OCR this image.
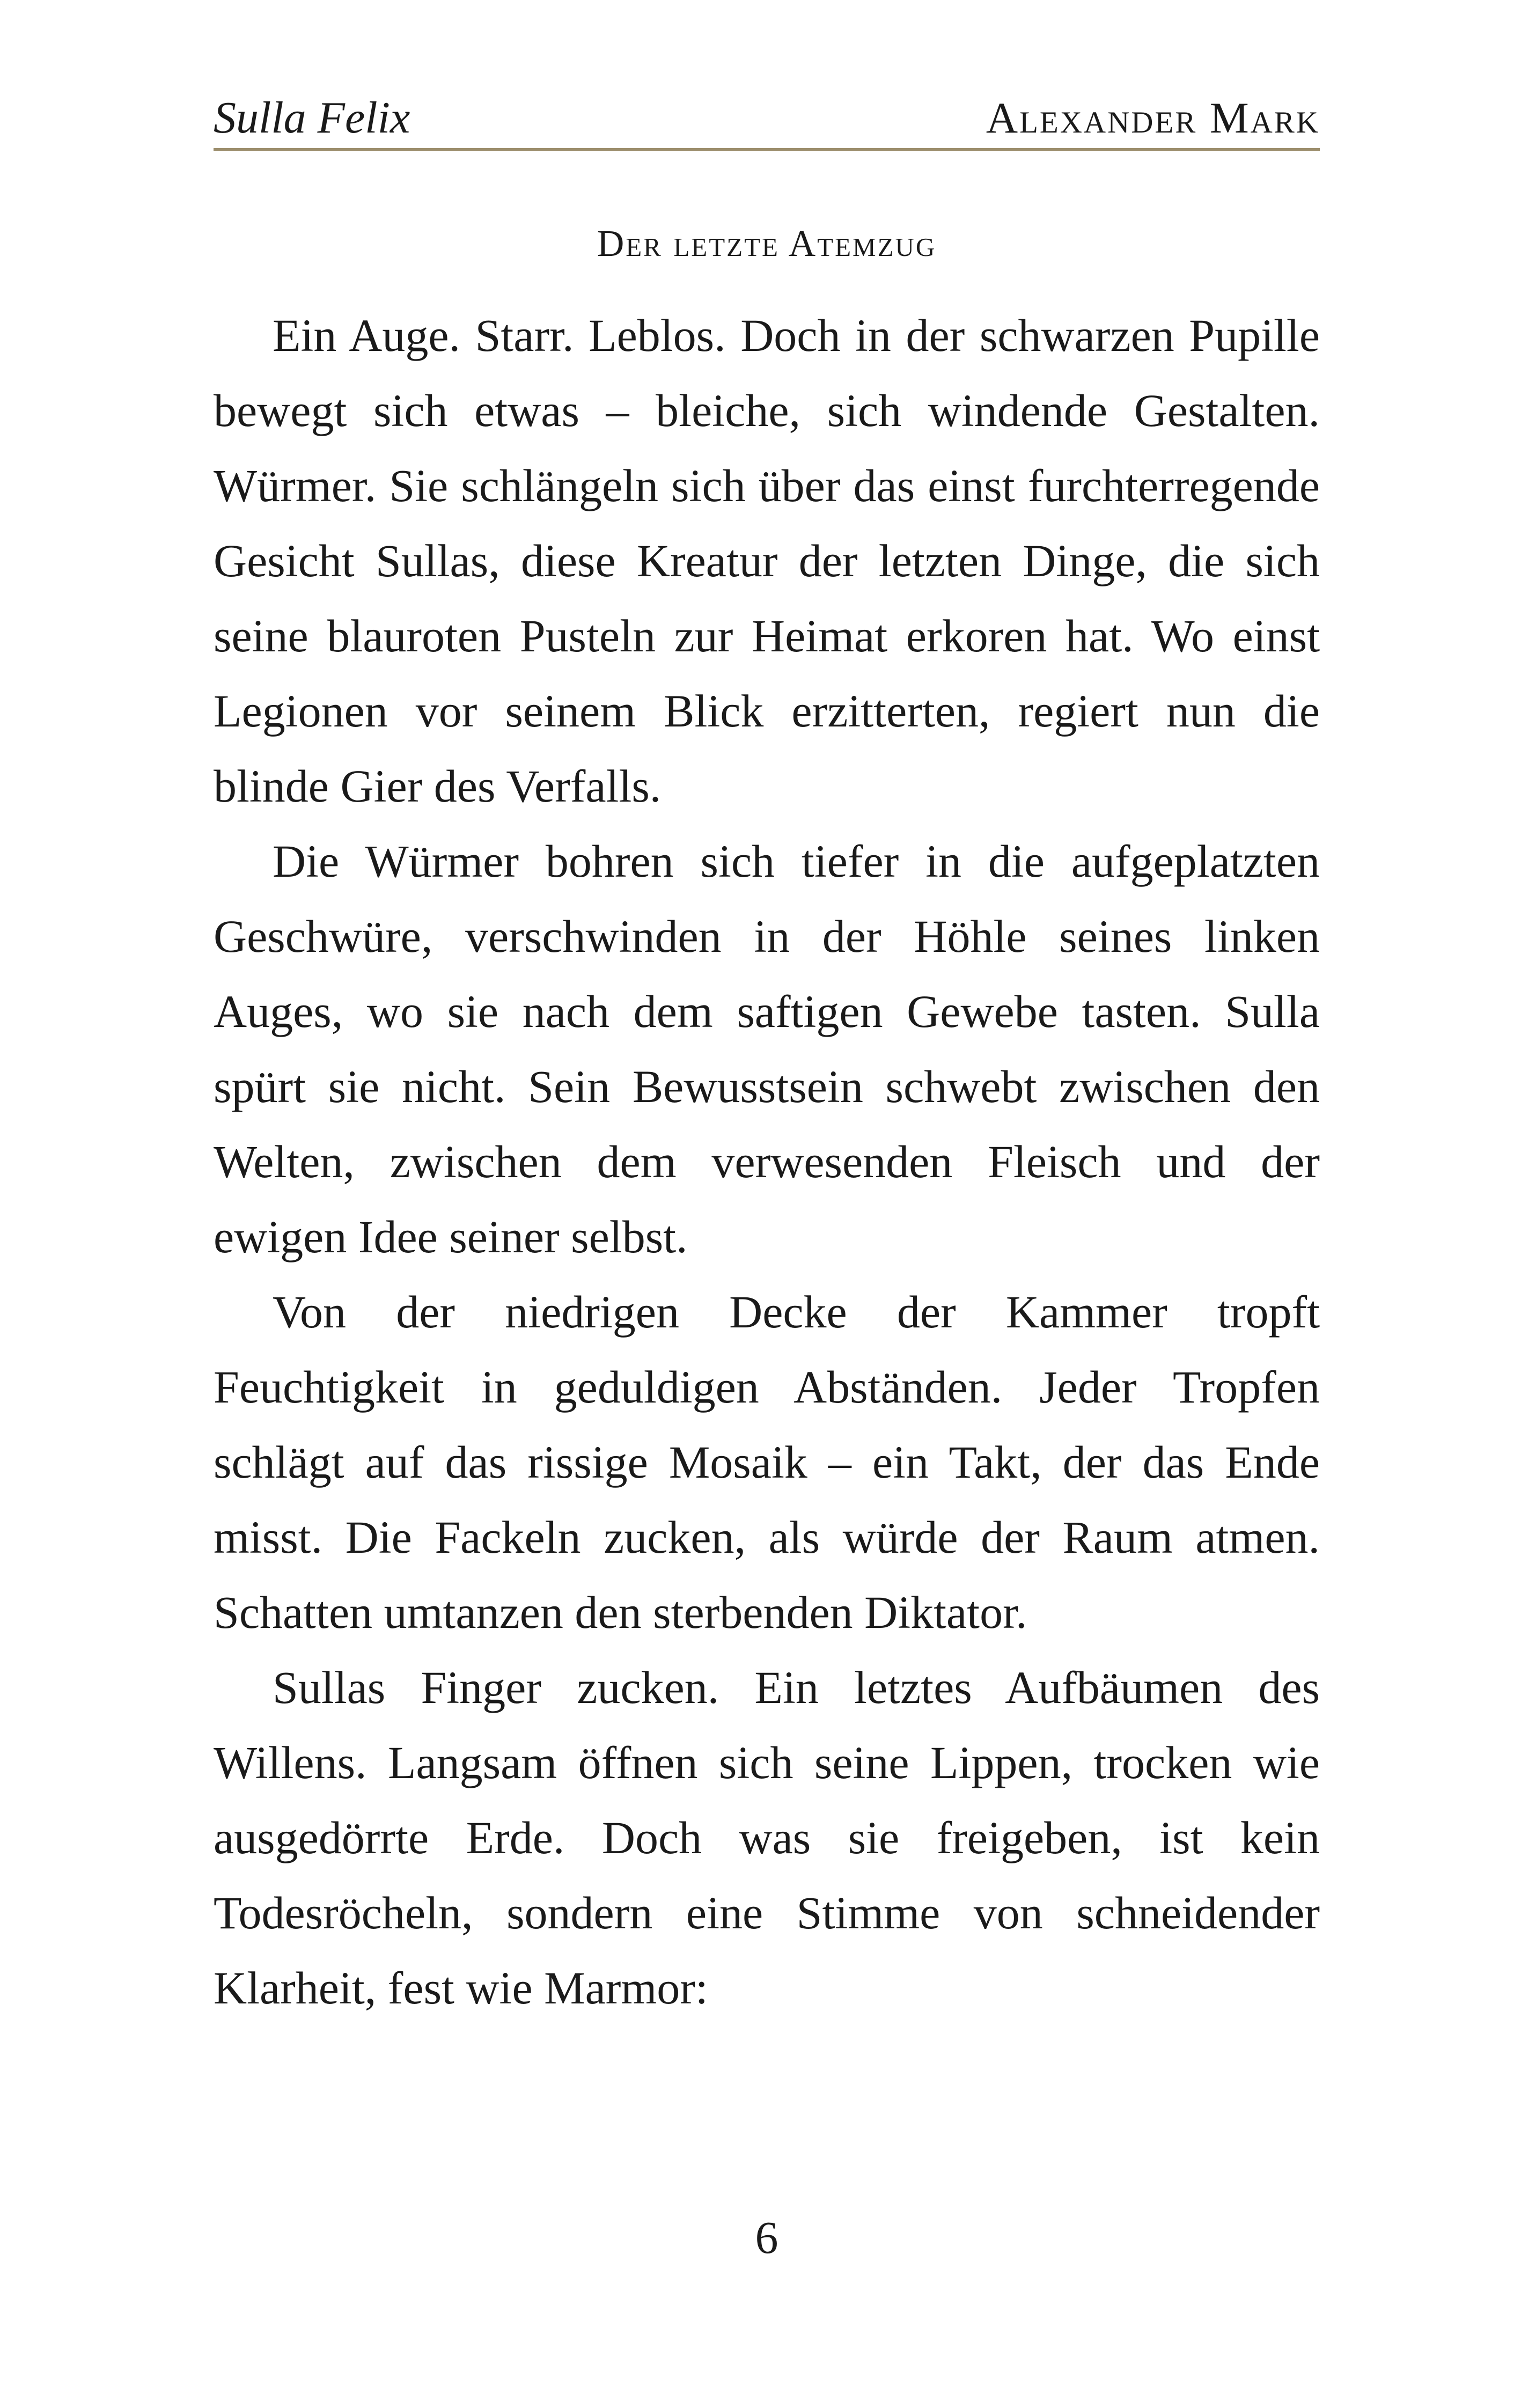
Sulla Felix	Alexander Mark
Der letzte Atemzug

Ein Auge. Starr. Leblos. Doch in der schwarzen Pupille bewegt sich etwas – bleiche, sich windende Gestalten. Würmer. Sie schlängeln sich über das einst furchterregende Gesicht Sullas, diese Kreatur der letzten Dinge, die sich seine blauroten Pusteln zur Heimat erkoren hat. Wo einst Legionen vor seinem Blick erzitterten, regiert nun die blinde Gier des Verfalls.

Die Würmer bohren sich tiefer in die aufgeplatzten Geschwüre, verschwinden in der Höhle seines linken Auges, wo sie nach dem saftigen Gewebe tasten. Sulla spürt sie nicht. Sein Bewusstsein schwebt zwischen den Welten, zwischen dem verwesenden Fleisch und der ewigen Idee seiner selbst.

Von der niedrigen Decke der Kammer tropft Feuchtigkeit in geduldigen Abständen. Jeder Tropfen schlägt auf das rissige Mosaik – ein Takt, der das Ende misst. Die Fackeln zucken, als würde der Raum atmen. Schatten umtanzen den sterbenden Diktator.

Sullas Finger zucken. Ein letztes Aufbäumen des Willens. Langsam öffnen sich seine Lippen, trocken wie ausgedörrte Erde. Doch was sie freigeben, ist kein Todesröcheln, sondern eine Stimme von schneidender Klarheit, fest wie Marmor:

6
